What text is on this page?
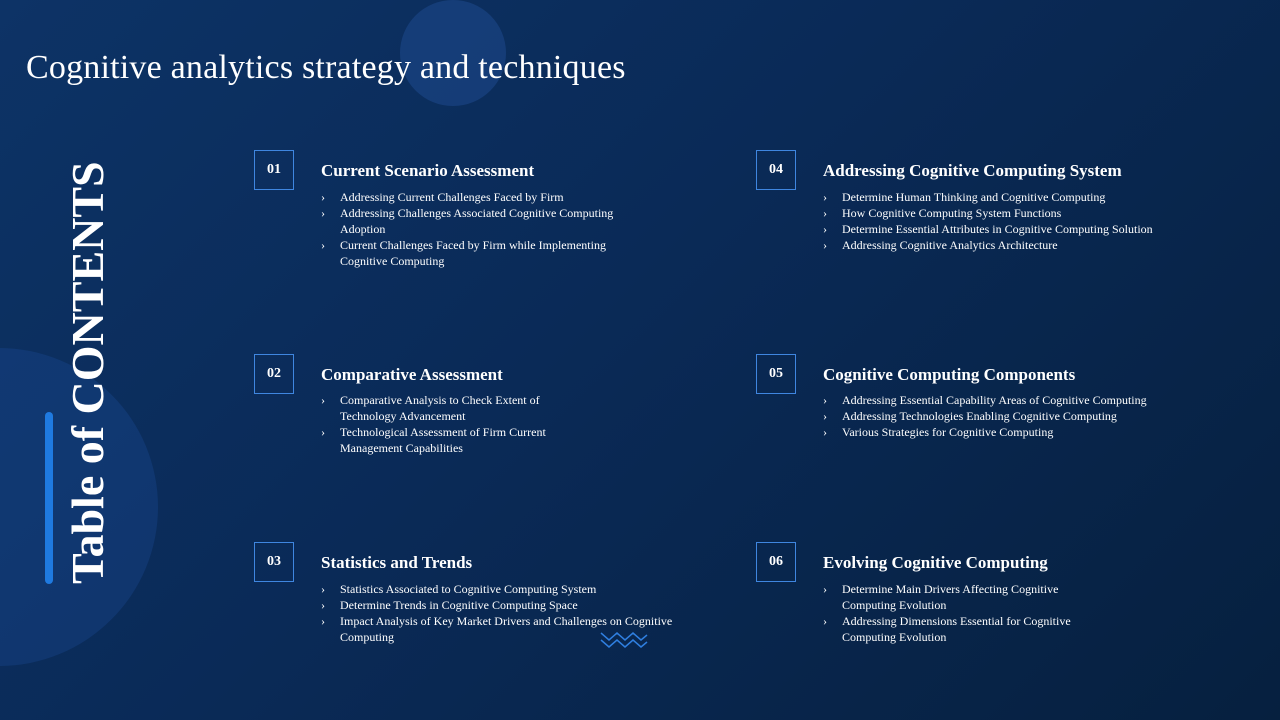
Cognitive analytics strategy and techniques
Table of CONTENTS	01	Current Scenario Assessment
› Addressing Current Challenges Faced by Firm
› Addressing Challenges Associated Cognitive Computing Adoption
› Current Challenges Faced by Firm while Implementing Cognitive Computing
02	Comparative Assessment
› Comparative Analysis to Check Extent of Technology Advancement
› Technological Assessment of Firm Current Management Capabilities
03	Statistics and Trends
› Statistics Associated to Cognitive Computing System
› Determine Trends in Cognitive Computing Space
› Impact Analysis of Key Market Drivers and Challenges on Cognitive Computing
04	Addressing Cognitive Computing System
› Determine Human Thinking and Cognitive Computing
› How Cognitive Computing System Functions
› Determine Essential Attributes in Cognitive Computing Solution
› Addressing Cognitive Analytics Architecture
05	Cognitive Computing Components
› Addressing Essential Capability Areas of Cognitive Computing
› Addressing Technologies Enabling Cognitive Computing
› Various Strategies for Cognitive Computing
06	Evolving Cognitive Computing
› Determine Main Drivers Affecting Cognitive Computing Evolution
› Addressing Dimensions Essential for Cognitive Computing Evolution
